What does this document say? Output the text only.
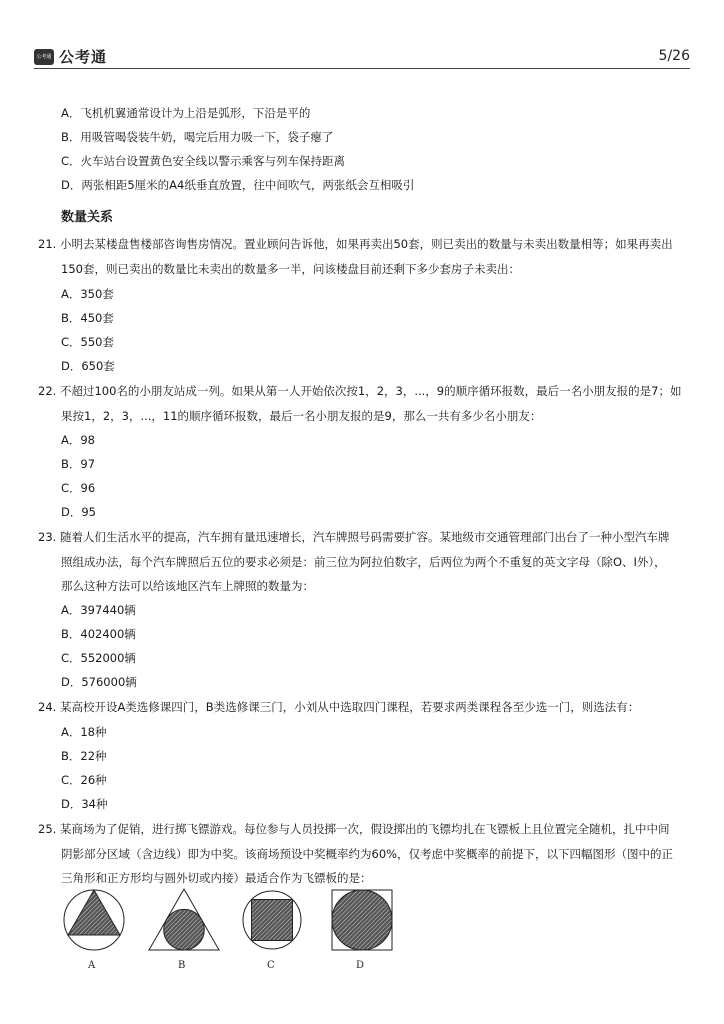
公考通 公考通	5/26
A．飞机机翼通常设计为上沿是弧形，下沿是平的
B．用吸管喝袋装牛奶，喝完后用力吸一下，袋子瘪了
C．火车站台设置黄色安全线以警示乘客与列车保持距离
D．两张相距5厘米的A4纸垂直放置，往中间吹气，两张纸会互相吸引
数量关系
21. 小明去某楼盘售楼部咨询售房情况。置业顾问告诉他，如果再卖出50套，则已卖出的数量与未卖出数量相等；如果再卖出
150套，则已卖出的数量比未卖出的数量多一半，问该楼盘目前还剩下多少套房子未卖出：
A．350套
B．450套
C．550套
D．650套
22. 不超过100名的小朋友站成一列。如果从第一人开始依次按1，2，3，...，9的顺序循环报数，最后一名小朋友报的是7；如
果按1，2，3，...，11的顺序循环报数，最后一名小朋友报的是9，那么一共有多少名小朋友：
A．98
B．97
C．96
D．95
23. 随着人们生活水平的提高，汽车拥有量迅速增长，汽车牌照号码需要扩容。某地级市交通管理部门出台了一种小型汽车牌
照组成办法，每个汽车牌照后五位的要求必须是：前三位为阿拉伯数字，后两位为两个不重复的英文字母（除O、I外），
那么这种方法可以给该地区汽车上牌照的数量为：
A．397440辆
B．402400辆
C．552000辆
D．576000辆
24. 某高校开设A类选修课四门，B类选修课三门，小刘从中选取四门课程，若要求两类课程各至少选一门，则选法有：
A．18种
B．22种
C．26种
D．34种
25. 某商场为了促销，进行掷飞镖游戏。每位参与人员投掷一次，假设掷出的飞镖均扎在飞镖板上且位置完全随机，扎中中间
阴影部分区域（含边线）即为中奖。该商场预设中奖概率约为60%，仅考虑中奖概率的前提下，以下四幅图形（图中的正
三角形和正方形均与圆外切或内接）最适合作为飞镖板的是：
A	B	C	D
